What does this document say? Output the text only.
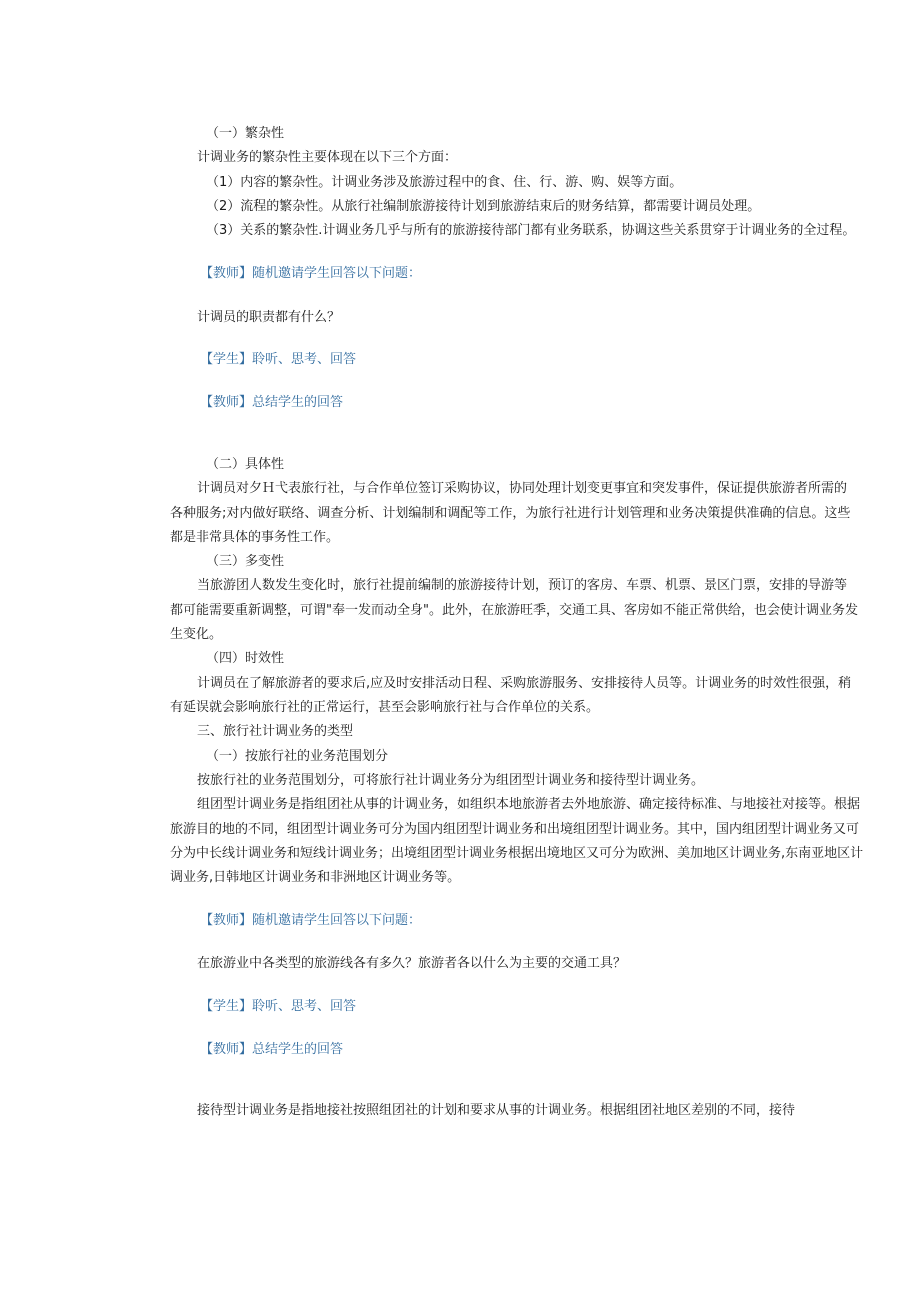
（一）繁杂性

计调业务的繁杂性主要体现在以下三个方面：

（1）内容的繁杂性。计调业务涉及旅游过程中的食、住、行、游、购、娱等方面。

（2）流程的繁杂性。从旅行社编制旅游接待计划到旅游结束后的财务结算，都需要计调员处理。

（3）关系的繁杂性.计调业务几乎与所有的旅游接待部门都有业务联系，协调这些关系贯穿于计调业务的全过程。

【教师】随机邀请学生回答以下问题：

计调员的职责都有什么？

【学生】聆听、思考、回答

【教师】总结学生的回答

（二）具体性

计调员对夕Ｈ弋表旅行社，与合作单位签订采购协议，协同处理计划变更事宜和突发事件，保证提供旅游者所需的

各种服务;对内做好联络、调查分析、计划编制和调配等工作，为旅行社进行计划管理和业务决策提供准确的信息。这些

都是非常具体的事务性工作。

（三）多变性

当旅游团人数发生变化时，旅行社提前编制的旅游接待计划，预订的客房、车票、机票、景区门票，安排的导游等

都可能需要重新调整，可谓"奉一发而动全身"。此外，在旅游旺季，交通工具、客房如不能正常供给，也会使计调业务发

生变化。

（四）时效性

计调员在了解旅游者的要求后,应及时安排活动日程、采购旅游服务、安排接待人员等。计调业务的时效性很强，稍

有延误就会影响旅行社的正常运行，甚至会影响旅行社与合作单位的关系。

三、旅行社计调业务的类型

（一）按旅行社的业务范围划分

按旅行社的业务范围划分，可将旅行社计调业务分为组团型计调业务和接待型计调业务。

组团型计调业务是指组团社从事的计调业务，如组织本地旅游者去外地旅游、确定接待标准、与地接社对接等。根据

旅游目的地的不同，组团型计调业务可分为国内组团型计调业务和出境组团型计调业务。其中，国内组团型计调业务又可

分为中长线计调业务和短线计调业务；出境组团型计调业务根据出境地区又可分为欧洲、美加地区计调业务,东南亚地区计

调业务,日韩地区计调业务和非洲地区计调业务等。

【教师】随机邀请学生回答以下问题：

在旅游业中各类型的旅游线各有多久？旅游者各以什么为主要的交通工具？

【学生】聆听、思考、回答

【教师】总结学生的回答

接待型计调业务是指地接社按照组团社的计划和要求从事的计调业务。根据组团社地区差别的不同，接待
